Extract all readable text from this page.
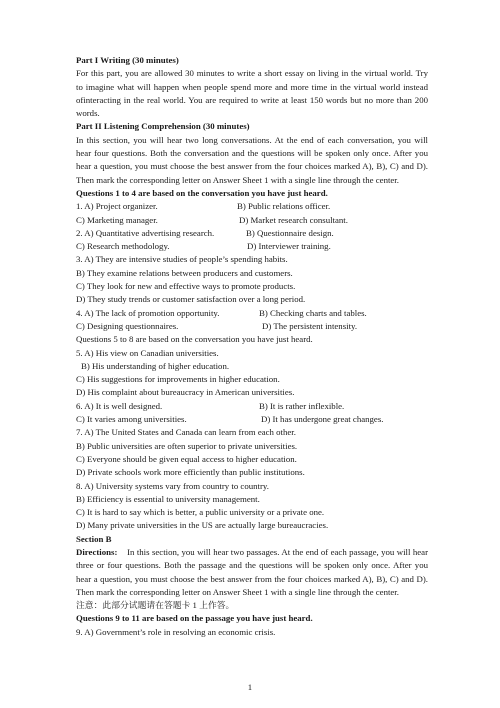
Part I Writing (30 minutes)
For this part, you are allowed 30 minutes to write a short essay on living in the virtual world. Try
to imagine what will happen when people spend more and more time in the virtual world instead
ofinteracting in the real world. You are required to write at least 150 words but no more than 200
words.
Part II Listening Comprehension (30 minutes)
In this section, you will hear two long conversations. At the end of each conversation, you will
hear four questions. Both the conversation and the questions will be spoken only once. After you
hear a question, you must choose the best answer from the four choices marked A), B), C) and D).
Then mark the corresponding letter on Answer Sheet 1 with a single line through the center.
Questions 1 to 4 are based on the conversation you have just heard.
1. A) Project organizer.	B) Public relations officer.
C) Marketing manager.	D) Market research consultant.
2. A) Quantitative advertising research.	B) Questionnaire design.
C) Research methodology.	D) Interviewer training.
3. A) They are intensive studies of people’s spending habits.
B) They examine relations between producers and customers.
C) They look for new and effective ways to promote products.
D) They study trends or customer satisfaction over a long period.
4. A) The lack of promotion opportunity.	B) Checking charts and tables.
C) Designing questionnaires.	D) The persistent intensity.
Questions 5 to 8 are based on the conversation you have just heard.
5. A) His view on Canadian universities.
B) His understanding of higher education.
C) His suggestions for improvements in higher education.
D) His complaint about bureaucracy in American universities.
6. A) It is well designed.	B) It is rather inflexible.
C) It varies among universities.	D) It has undergone great changes.
7. A) The United States and Canada can learn from each other.
B) Public universities are often superior to private universities.
C) Everyone should be given equal access to higher education.
D) Private schools work more efficiently than public institutions.
8. A) University systems vary from country to country.
B) Efficiency is essential to university management.
C) It is hard to say which is better, a public university or a private one.
D) Many private universities in the US are actually large bureaucracies.
Section B
Directions: In this section, you will hear two passages. At the end of each passage, you will hear
three or four questions. Both the passage and the questions will be spoken only once. After you
hear a question, you must choose the best answer from the four choices marked A), B), C) and D).
Then mark the corresponding letter on Answer Sheet 1 with a single line through the center.
注意：此部分试题请在答题卡 1 上作答。
Questions 9 to 11 are based on the passage you have just heard.
9. A) Government’s role in resolving an economic crisis.
1
